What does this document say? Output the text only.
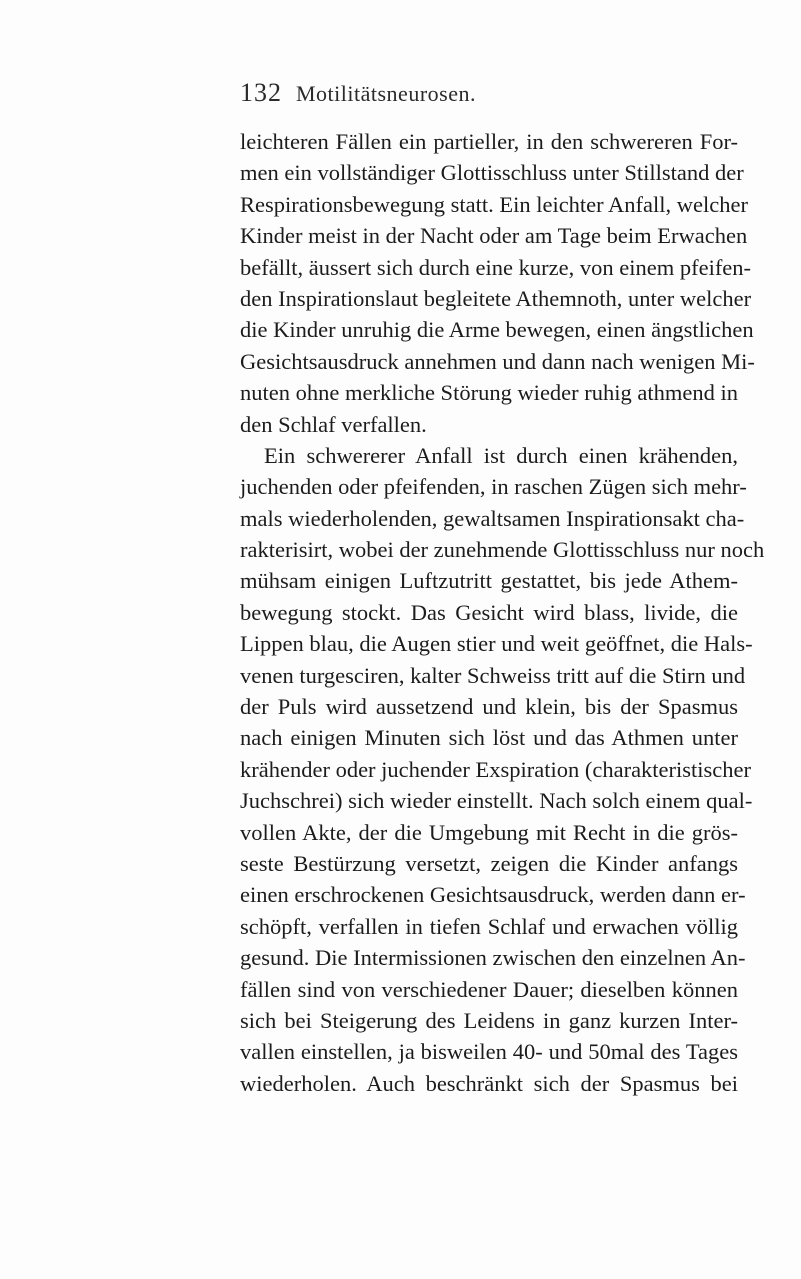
132 Motilitätsneurosen.
leichteren Fällen ein partieller, in den schwereren For-
men ein vollständiger Glottisschluss unter Stillstand der
Respirationsbewegung statt. Ein leichter Anfall, welcher
Kinder meist in der Nacht oder am Tage beim Erwachen
befällt, äussert sich durch eine kurze, von einem pfeifen-
den Inspirationslaut begleitete Athemnoth, unter welcher
die Kinder unruhig die Arme bewegen, einen ängstlichen
Gesichtsausdruck annehmen und dann nach wenigen Mi-
nuten ohne merkliche Störung wieder ruhig athmend in
den Schlaf verfallen.
Ein schwererer Anfall ist durch einen krähenden,
juchenden oder pfeifenden, in raschen Zügen sich mehr-
mals wiederholenden, gewaltsamen Inspirationsakt cha-
rakterisirt, wobei der zunehmende Glottisschluss nur noch
mühsam einigen Luftzutritt gestattet, bis jede Athem-
bewegung stockt. Das Gesicht wird blass, livide, die
Lippen blau, die Augen stier und weit geöffnet, die Hals-
venen turgesciren, kalter Schweiss tritt auf die Stirn und
der Puls wird aussetzend und klein, bis der Spasmus
nach einigen Minuten sich löst und das Athmen unter
krähender oder juchender Exspiration (charakteristischer
Juchschrei) sich wieder einstellt. Nach solch einem qual-
vollen Akte, der die Umgebung mit Recht in die grös-
seste Bestürzung versetzt, zeigen die Kinder anfangs
einen erschrockenen Gesichtsausdruck, werden dann er-
schöpft, verfallen in tiefen Schlaf und erwachen völlig
gesund. Die Intermissionen zwischen den einzelnen An-
fällen sind von verschiedener Dauer; dieselben können
sich bei Steigerung des Leidens in ganz kurzen Inter-
vallen einstellen, ja bisweilen 40- und 50mal des Tages
wiederholen. Auch beschränkt sich der Spasmus bei
